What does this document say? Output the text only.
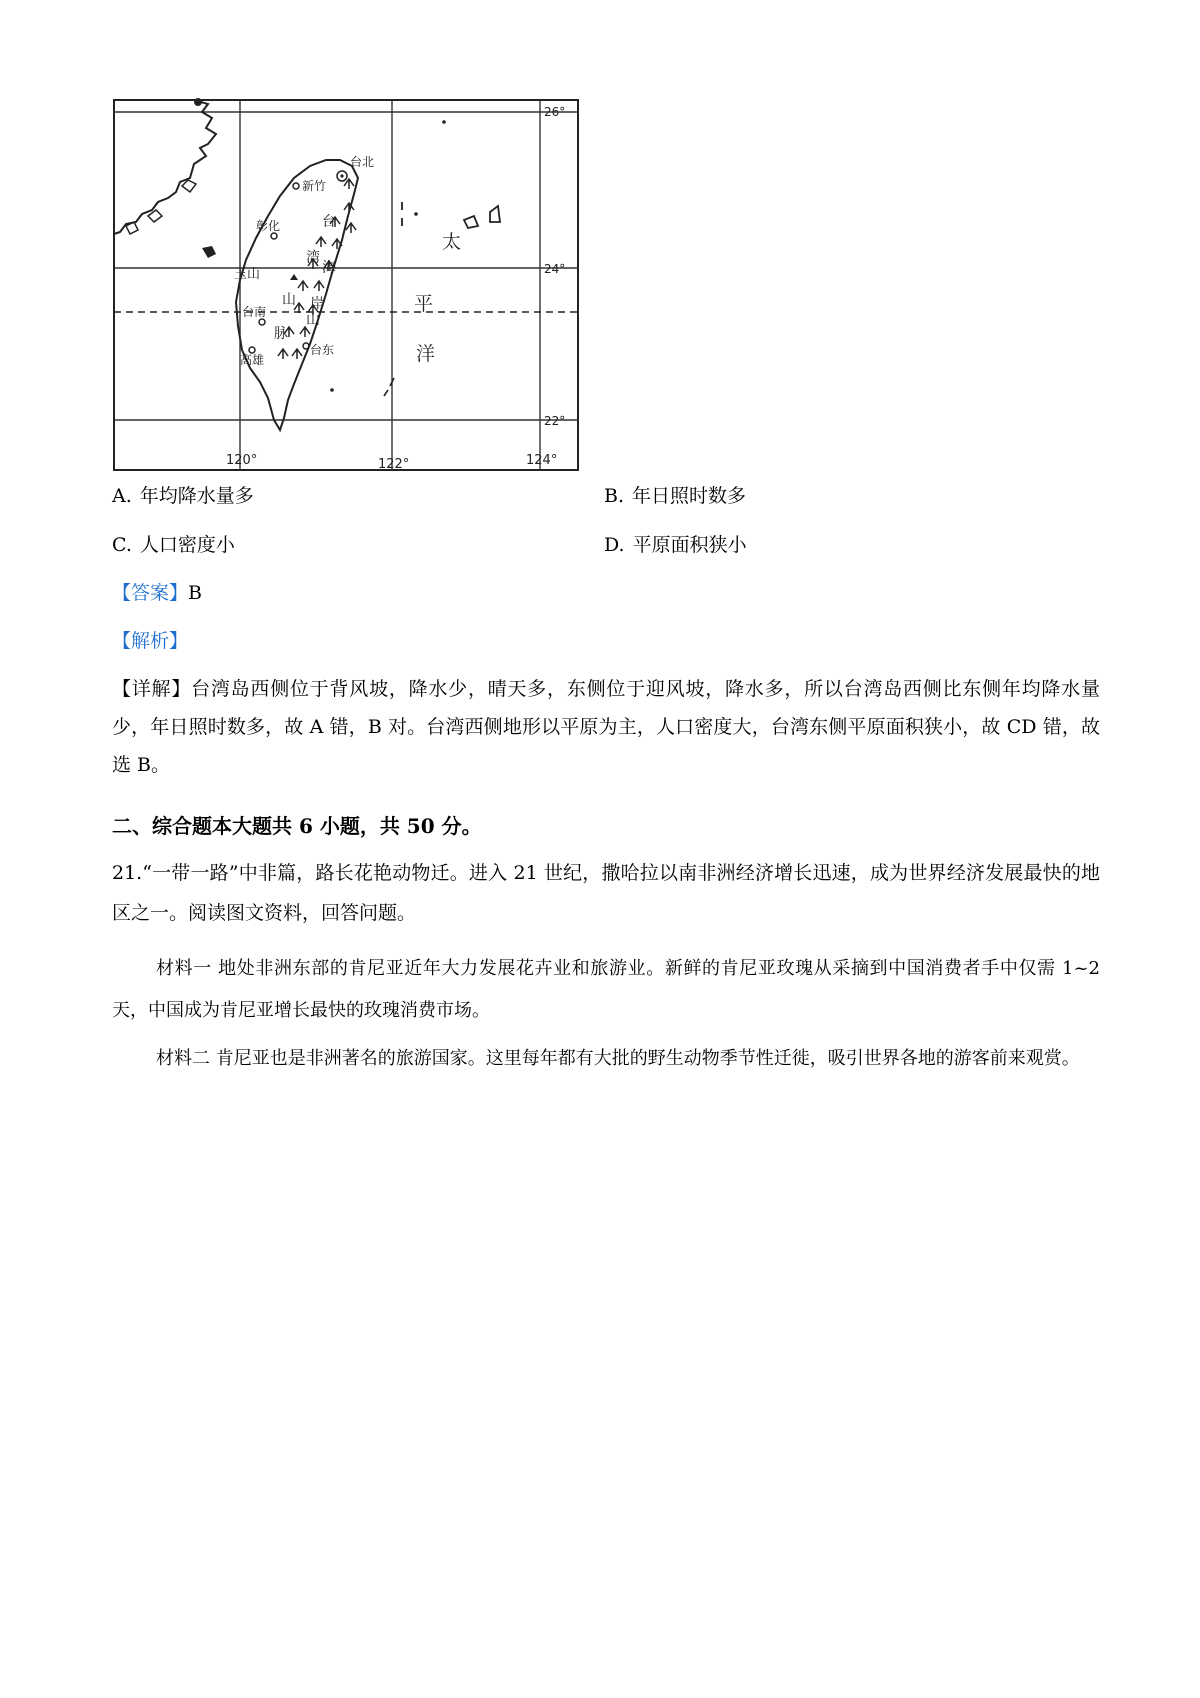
台北
新竹
彰化
玉山
台南
高雄
台东
台
湾
海
岸
山
山
脉
太
平
洋
26°
24°
22°
120°	122°	124°
A. 年均降水量多	B. 年日照时数多
C. 人口密度小	D. 平原面积狭小
【答案】B
【解析】
【详解】台湾岛西侧位于背风坡，降水少，晴天多，东侧位于迎风坡，降水多，所以台湾岛西侧比东侧年均降水量少，年日照时数多，故 A 错，B 对。台湾西侧地形以平原为主，人口密度大，台湾东侧平原面积狭小，故 CD 错，故选 B。
二、综合题本大题共 6 小题，共 50 分。
21.“一带一路”中非篇，路长花艳动物迁。进入 21 世纪，撒哈拉以南非洲经济增长迅速，成为世界经济发展最快的地区之一。阅读图文资料，回答问题。
材料一 地处非洲东部的肯尼亚近年大力发展花卉业和旅游业。新鲜的肯尼亚玫瑰从采摘到中国消费者手中仅需 1~2 天，中国成为肯尼亚增长最快的玫瑰消费市场。
材料二 肯尼亚也是非洲著名的旅游国家。这里每年都有大批的野生动物季节性迁徙，吸引世界各地的游客前来观赏。
